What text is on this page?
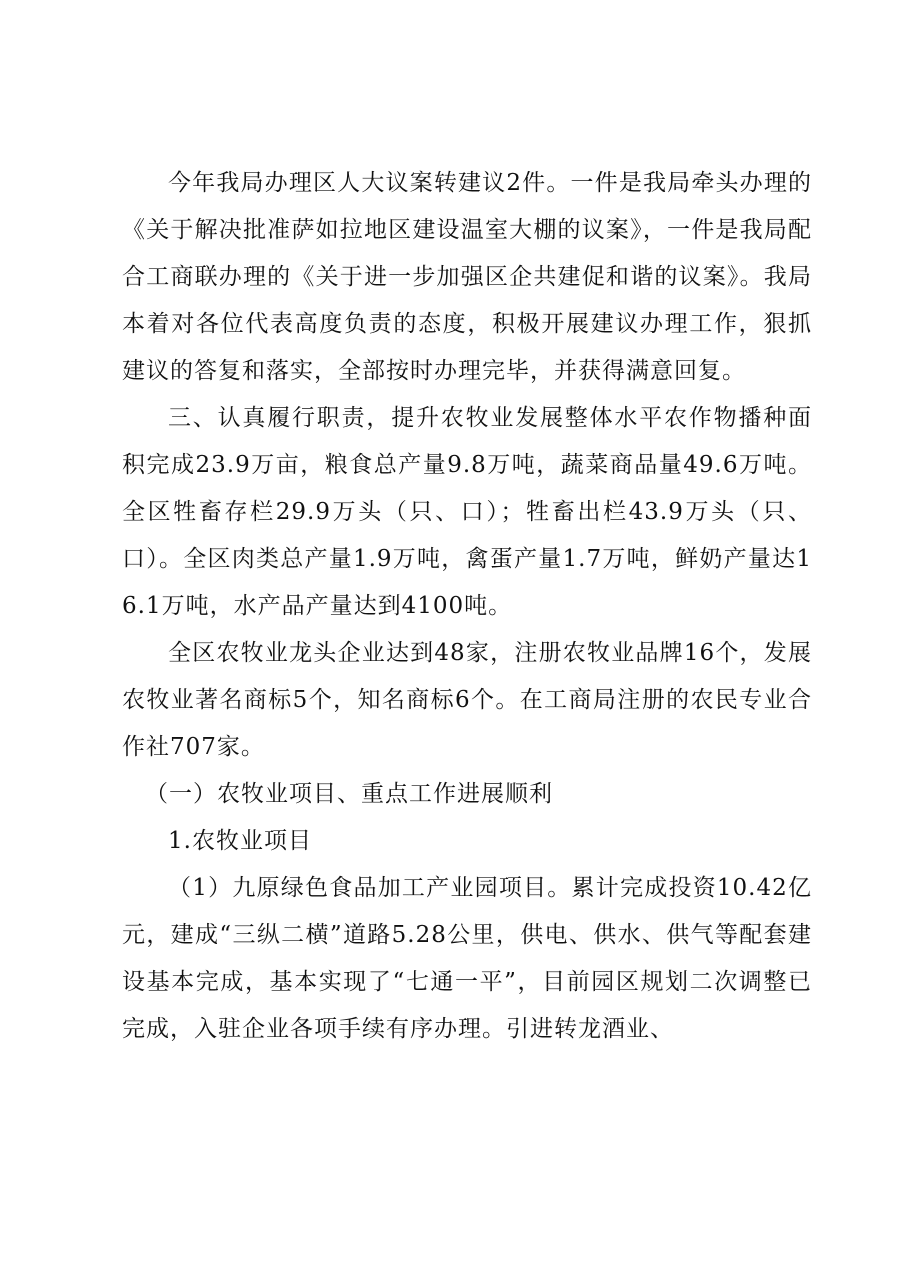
今年我局办理区人大议案转建议2件。一件是我局牵头办理的《关于解决批准萨如拉地区建设温室大棚的议案》，一件是我局配合工商联办理的《关于进一步加强区企共建促和谐的议案》。我局本着对各位代表高度负责的态度，积极开展建议办理工作，狠抓建议的答复和落实，全部按时办理完毕，并获得满意回复。

三、认真履行职责，提升农牧业发展整体水平农作物播种面积完成23.9万亩，粮食总产量9.8万吨，蔬菜商品量49.6万吨。全区牲畜存栏29.9万头（只、口）；牲畜出栏43.9万头（只、口）。全区肉类总产量1.9万吨，禽蛋产量1.7万吨，鲜奶产量达16.1万吨，水产品产量达到4100吨。

全区农牧业龙头企业达到48家，注册农牧业品牌16个，发展农牧业著名商标5个，知名商标6个。在工商局注册的农民专业合作社707家。

（一）农牧业项目、重点工作进展顺利

1.农牧业项目

（1）九原绿色食品加工产业园项目。累计完成投资10.42亿元，建成“三纵二横”道路5.28公里，供电、供水、供气等配套建设基本完成，基本实现了“七通一平”，目前园区规划二次调整已完成，入驻企业各项手续有序办理。引进转龙酒业、
